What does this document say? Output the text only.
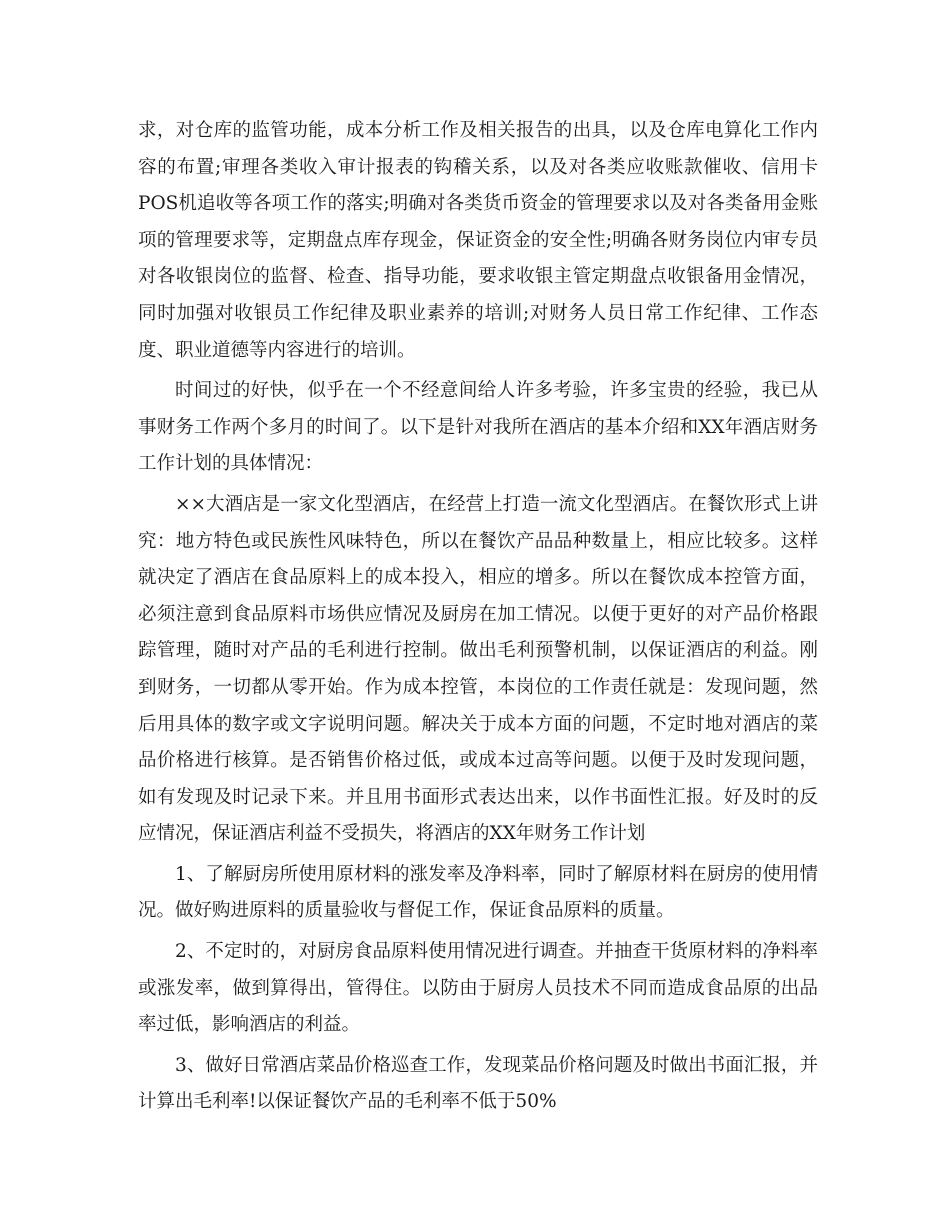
求，对仓库的监管功能，成本分析工作及相关报告的出具，以及仓库电算化工作内容的布置;审理各类收入审计报表的钩稽关系，以及对各类应收账款催收、信用卡POS机追收等各项工作的落实;明确对各类货币资金的管理要求以及对各类备用金账项的管理要求等，定期盘点库存现金，保证资金的安全性;明确各财务岗位内审专员对各收银岗位的监督、检查、指导功能，要求收银主管定期盘点收银备用金情况，同时加强对收银员工作纪律及职业素养的培训;对财务人员日常工作纪律、工作态度、职业道德等内容进行的培训。

时间过的好快，似乎在一个不经意间给人许多考验，许多宝贵的经验，我已从事财务工作两个多月的时间了。以下是针对我所在酒店的基本介绍和XX年酒店财务工作计划的具体情况：

××大酒店是一家文化型酒店，在经营上打造一流文化型酒店。在餐饮形式上讲究：地方特色或民族性风味特色，所以在餐饮产品品种数量上，相应比较多。这样就决定了酒店在食品原料上的成本投入，相应的增多。所以在餐饮成本控管方面，必须注意到食品原料市场供应情况及厨房在加工情况。以便于更好的对产品价格跟踪管理，随时对产品的毛利进行控制。做出毛利预警机制，以保证酒店的利益。刚到财务，一切都从零开始。作为成本控管，本岗位的工作责任就是：发现问题，然后用具体的数字或文字说明问题。解决关于成本方面的问题，不定时地对酒店的菜品价格进行核算。是否销售价格过低，或成本过高等问题。以便于及时发现问题，如有发现及时记录下来。并且用书面形式表达出来，以作书面性汇报。好及时的反应情况，保证酒店利益不受损失，将酒店的XX年财务工作计划

1、了解厨房所使用原材料的涨发率及净料率，同时了解原材料在厨房的使用情况。做好购进原料的质量验收与督促工作，保证食品原料的质量。

2、不定时的，对厨房食品原料使用情况进行调查。并抽查干货原材料的净料率或涨发率，做到算得出，管得住。以防由于厨房人员技术不同而造成食品原的出品率过低，影响酒店的利益。

3、做好日常酒店菜品价格巡查工作，发现菜品价格问题及时做出书面汇报，并计算出毛利率!以保证餐饮产品的毛利率不低于50%
